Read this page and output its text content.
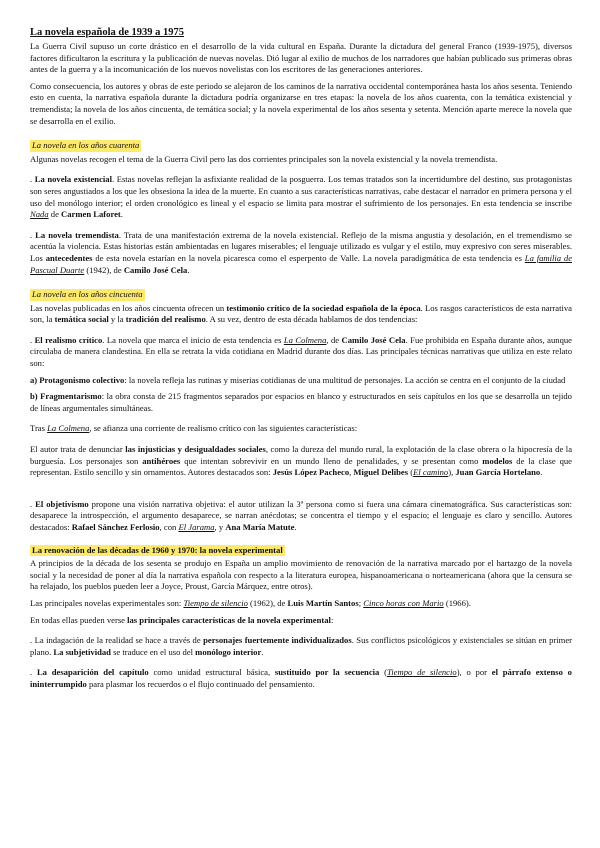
La novela española de 1939 a 1975

La Guerra Civil supuso un corte drástico en el desarrollo de la vida cultural en España. Durante la dictadura del general Franco (1939-1975), diversos factores dificultaron la escritura y la publicación de nuevas novelas. Dió lugar al exilio de muchos de los narradores que habían publicado sus primeras obras antes de la guerra y a la incomunicación de los nuevos novelistas con los escritores de las generaciones anteriores.

Como consecuencia, los autores y obras de este periodo se alejaron de los caminos de la narrativa occidental contemporánea hasta los años sesenta. Teniendo esto en cuenta, la narrativa española durante la dictadura podría organizarse en tres etapas: la novela de los años cuarenta, con la temática existencial y tremendista; la novela de los años cincuenta, de temática social; y la novela experimental de los años sesenta y setenta. Mención aparte merece la novela que se desarrolla en el exilio.

La novela en los años cuarenta

Algunas novelas recogen el tema de la Guerra Civil pero las dos corrientes principales son la novela existencial y la novela tremendista.

. La novela existencial. Estas novelas reflejan la asfixiante realidad de la posguerra. Los temas tratados son la incertidumbre del destino, sus protagonistas son seres angustiados a los que les obsesiona la idea de la muerte. En cuanto a sus características narrativas, cabe destacar el narrador en primera persona y el uso del monólogo interior; el orden cronológico es lineal y el espacio se limita para mostrar el sufrimiento de los personajes. En esta tendencia se inscribe Nada de Carmen Laforet.

. La novela tremendista. Trata de una manifestación extrema de la novela existencial. Reflejo de la misma angustia y desolación, en el tremendismo se acentúa la violencia. Estas historias están ambientadas en lugares miserables; el lenguaje utilizado es vulgar y el estilo, muy expresivo con seres miserables. Los antecedentes de esta novela estarían en la novela picaresca como el esperpento de Valle. La novela paradigmática de esta tendencia es La familia de Pascual Duarte (1942), de Camilo José Cela.

La novela en los años cincuenta

Las novelas publicadas en los años cincuenta ofrecen un testimonio crítico de la sociedad española de la época. Los rasgos característicos de esta narrativa son, la temática social y la tradición del realismo. A su vez, dentro de esta década hablamos de dos tendencias:

. El realismo crítico. La novela que marca el inicio de esta tendencia es La Colmena, de Camilo José Cela. Fue prohibida en España durante años, aunque circulaba de manera clandestina. En ella se retrata la vida cotidiana en Madrid durante dos días. Las principales técnicas narrativas que utiliza en este relato son:

a) Protagonismo colectivo: la novela refleja las rutinas y miserias cotidianas de una multitud de personajes. La acción se centra en el conjunto de la ciudad

b) Fragmentarismo: la obra consta de 215 fragmentos separados por espacios en blanco y estructurados en seis capítulos en los que se desarrolla un tejido de líneas argumentales simultáneas.

Tras La Colmena, se afianza una corriente de realismo crítico con las siguientes características:

El autor trata de denunciar las injusticias y desigualdades sociales, como la dureza del mundo rural, la explotación de la clase obrera o la hipocresía de la burguesía. Los personajes son antihéroes que intentan sobrevivir en un mundo lleno de penalidades, y se presentan como modelos de la clase que representan. Estilo sencillo y sin ornamentos. Autores destacados son: Jesús López Pacheco, Miguel Delibes (El camino), Juan García Hortelano.

. El objetivismo propone una visión narrativa objetiva: el autor utilizan la 3ª persona como si fuera una cámara cinematográfica. Sus características son: desaparece la introspección, el argumento desaparece, se narran anécdotas; se concentra el tiempo y el espacio; el lenguaje es claro y sencillo. Autores destacados: Rafael Sánchez Ferlosio, con El Jarama, y Ana María Matute.

La renovación de las décadas de 1960 y 1970: la novela experimental

A principios de la década de los sesenta se produjo en España un amplio movimiento de renovación de la narrativa marcado por el hartazgo de la novela social y la necesidad de poner al día la narrativa española con respecto a la literatura europea, hispanoamericana o norteamericana (ahora que la censura se ha relajado, los pueblos pueden leer a Joyce, Proust, García Márquez, entre otros).

Las principales novelas experimentales son: Tiempo de silencio (1962), de Luis Martín Santos; Cinco horas con Mario (1966).

En todas ellas pueden verse las principales características de la novela experimental:

. La indagación de la realidad se hace a través de personajes fuertemente individualizados. Sus conflictos psicológicos y existenciales se sitúan en primer plano. La subjetividad se traduce en el uso del monólogo interior.

. La desaparición del capítulo como unidad estructural básica, sustituido por la secuencia (Tiempo de silencio), o por el párrafo extenso o ininterrumpido para plasmar los recuerdos o el flujo continuado del pensamiento.
